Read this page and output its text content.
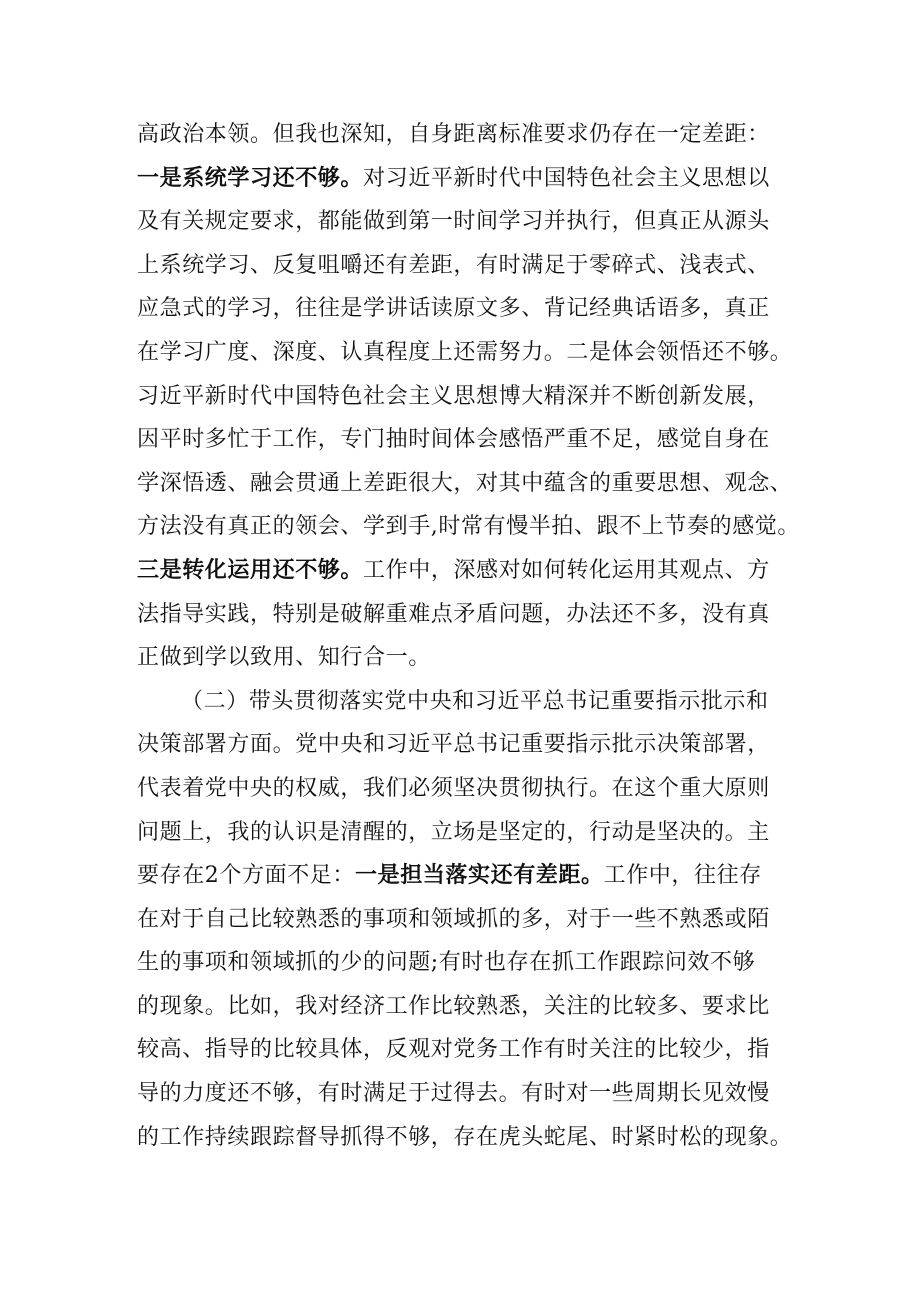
高政治本领。但我也深知，自身距离标准要求仍存在一定差距：
一是系统学习还不够。对习近平新时代中国特色社会主义思想以
及有关规定要求，都能做到第一时间学习并执行，但真正从源头
上系统学习、反复咀嚼还有差距，有时满足于零碎式、浅表式、
应急式的学习，往往是学讲话读原文多、背记经典话语多，真正
在学习广度、深度、认真程度上还需努力。二是体会领悟还不够。
习近平新时代中国特色社会主义思想博大精深并不断创新发展，
因平时多忙于工作，专门抽时间体会感悟严重不足，感觉自身在
学深悟透、融会贯通上差距很大，对其中蕴含的重要思想、观念、
方法没有真正的领会、学到手,时常有慢半拍、跟不上节奏的感觉。
三是转化运用还不够。工作中，深感对如何转化运用其观点、方
法指导实践，特别是破解重难点矛盾问题，办法还不多，没有真
正做到学以致用、知行合一。
（二）带头贯彻落实党中央和习近平总书记重要指示批示和
决策部署方面。党中央和习近平总书记重要指示批示决策部署，
代表着党中央的权威，我们必须坚决贯彻执行。在这个重大原则
问题上，我的认识是清醒的，立场是坚定的，行动是坚决的。主
要存在2个方面不足：一是担当落实还有差距。工作中，往往存
在对于自己比较熟悉的事项和领域抓的多，对于一些不熟悉或陌
生的事项和领域抓的少的问题;有时也存在抓工作跟踪问效不够
的现象。比如，我对经济工作比较熟悉，关注的比较多、要求比
较高、指导的比较具体，反观对党务工作有时关注的比较少，指
导的力度还不够，有时满足于过得去。有时对一些周期长见效慢
的工作持续跟踪督导抓得不够，存在虎头蛇尾、时紧时松的现象。
